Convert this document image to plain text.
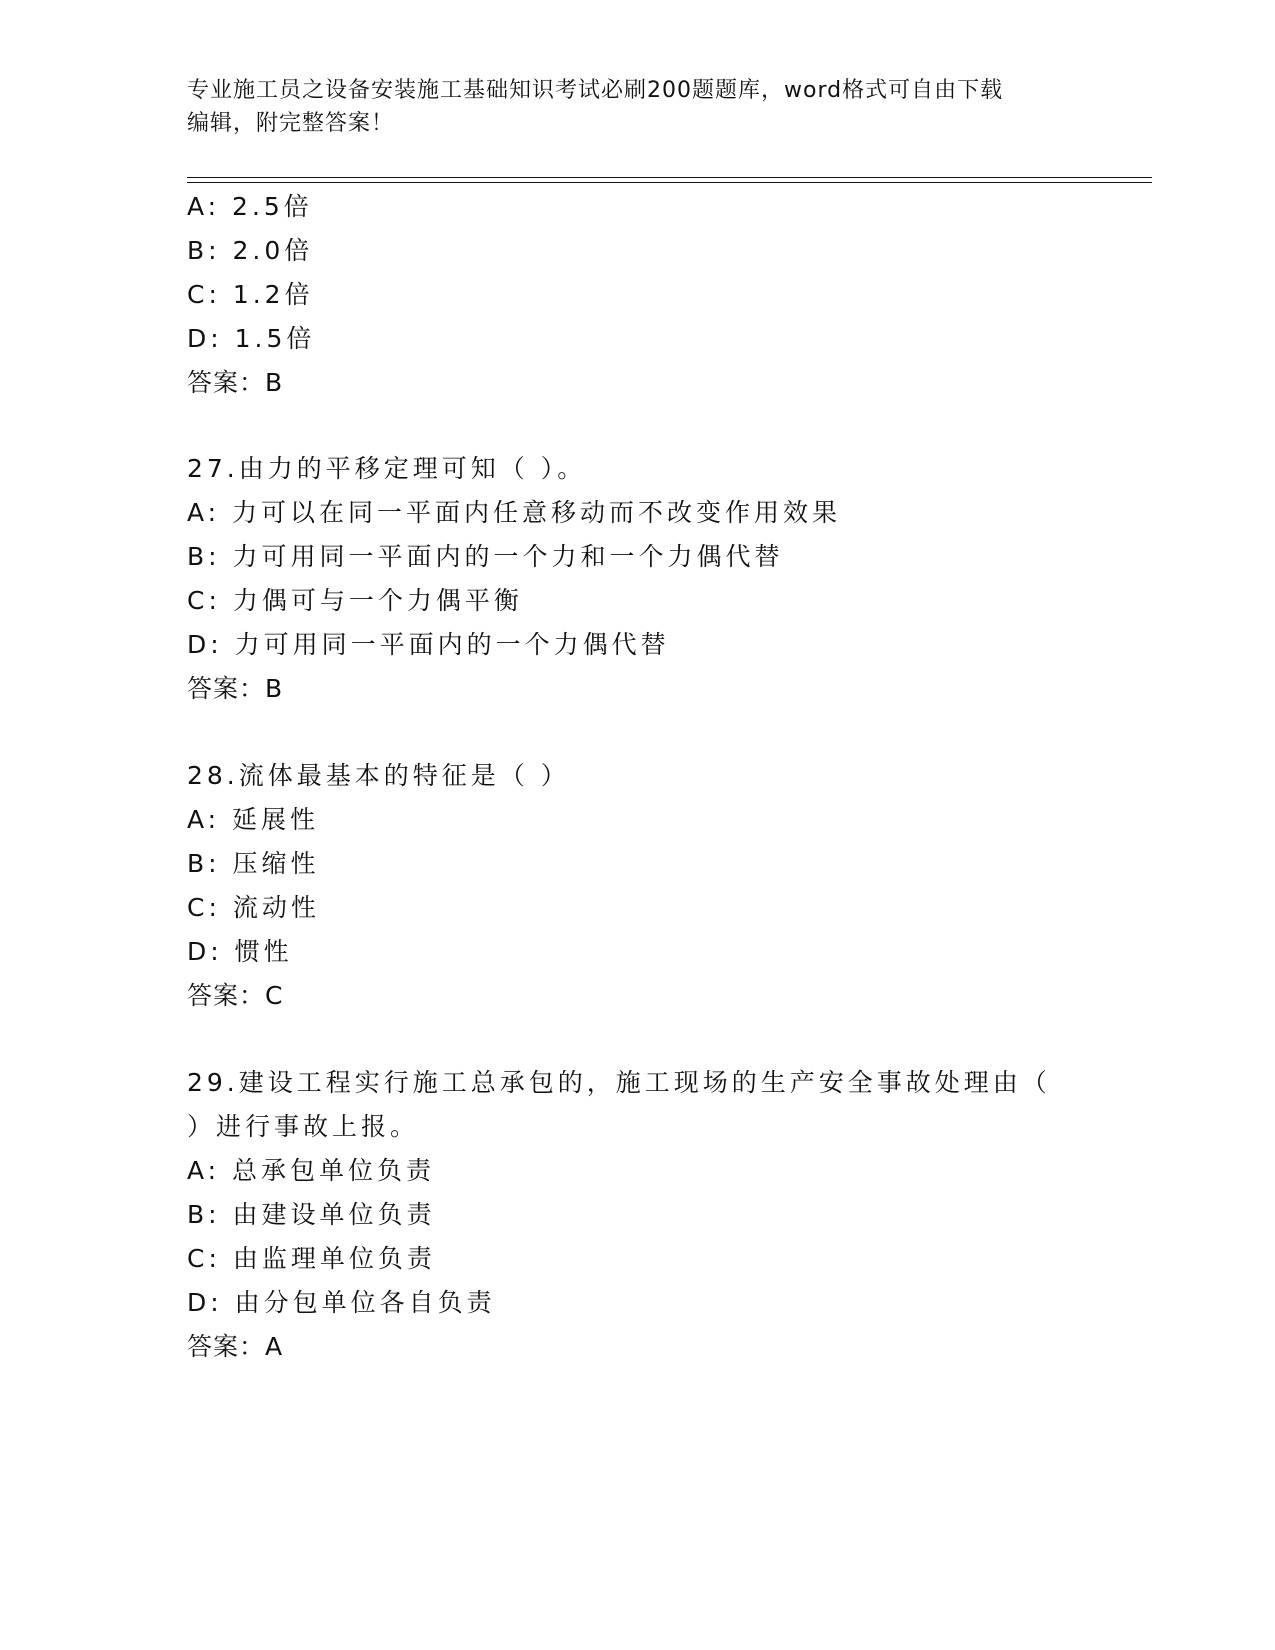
专业施工员之设备安装施工基础知识考试必刷200题题库，word格式可自由下载
编辑，附完整答案！
A: 2.5倍
B: 2.0倍
C: 1.2倍
D: 1.5倍
答案：B
27.由力的平移定理可知（ ）。
A: 力可以在同一平面内任意移动而不改变作用效果
B: 力可用同一平面内的一个力和一个力偶代替
C: 力偶可与一个力偶平衡
D: 力可用同一平面内的一个力偶代替
答案：B
28.流体最基本的特征是（ ）
A: 延展性
B: 压缩性
C: 流动性
D: 惯性
答案：C
29.建设工程实行施工总承包的，施工现场的生产安全事故处理由（
）进行事故上报。
A: 总承包单位负责
B: 由建设单位负责
C: 由监理单位负责
D: 由分包单位各自负责
答案：A
